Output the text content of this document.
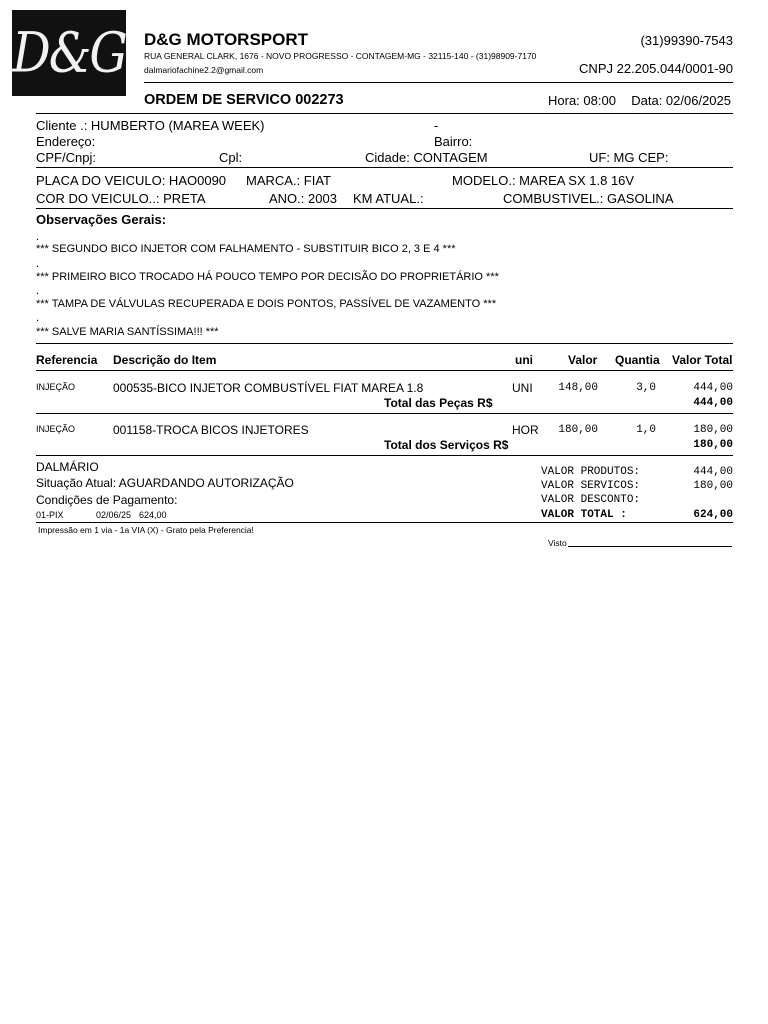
D&G D&G MOTORSPORT
RUA GENERAL CLARK, 1676 - NOVO PROGRESSO - CONTAGEM-MG - 32115-140 - (31)98909-7170
dalmariofachine2.2@gmail.com
(31)99390-7543
CNPJ 22.205.044/0001-90
ORDEM DE SERVICO 002273	Hora: 08:00 Data: 02/06/2025
Cliente .: HUMBERTO (MAREA WEEK)	-
Endereço:	Bairro:
CPF/Cnpj:	Cpl:	Cidade: CONTAGEM	UF: MG CEP:
PLACA DO VEICULO: HAO0090 MARCA.: FIAT	MODELO.: MAREA SX 1.8 16V
COR DO VEICULO..: PRETA	ANO.: 2003 KM ATUAL.:	COMBUSTIVEL.: GASOLINA
Observações Gerais:
.
*** SEGUNDO BICO INJETOR COM FALHAMENTO - SUBSTITUIR BICO 2, 3 E 4 ***
.
*** PRIMEIRO BICO TROCADO HÁ POUCO TEMPO POR DECISÃO DO PROPRIETÁRIO ***
.
*** TAMPA DE VÁLVULAS RECUPERADA E DOIS PONTOS, PASSÍVEL DE VAZAMENTO ***
.
*** SALVE MARIA SANTÍSSIMA!!! ***
Referencia Descrição do Item	uni	Valor Quantia Valor Total
INJEÇÃO	000535-BICO INJETOR COMBUSTÍVEL FIAT MAREA 1.8	UNI 148,00	3,0	444,00
Total das Peças R$	444,00
INJEÇÃO	001158-TROCA BICOS INJETORES	HOR 180,00	1,0	180,00
Total dos Serviços R$	180,00
DALMÁRIO
Situação Atual: AGUARDANDO AUTORIZAÇÃO
Condições de Pagamento:
01-PIX	02/06/25 624,00
Impressão em 1 via - 1a VIA (X) - Grato pela Preferencia!
VALOR PRODUTOS:	444,00
VALOR SERVICOS:	180,00
VALOR DESCONTO:
VALOR TOTAL :	624,00
Visto
